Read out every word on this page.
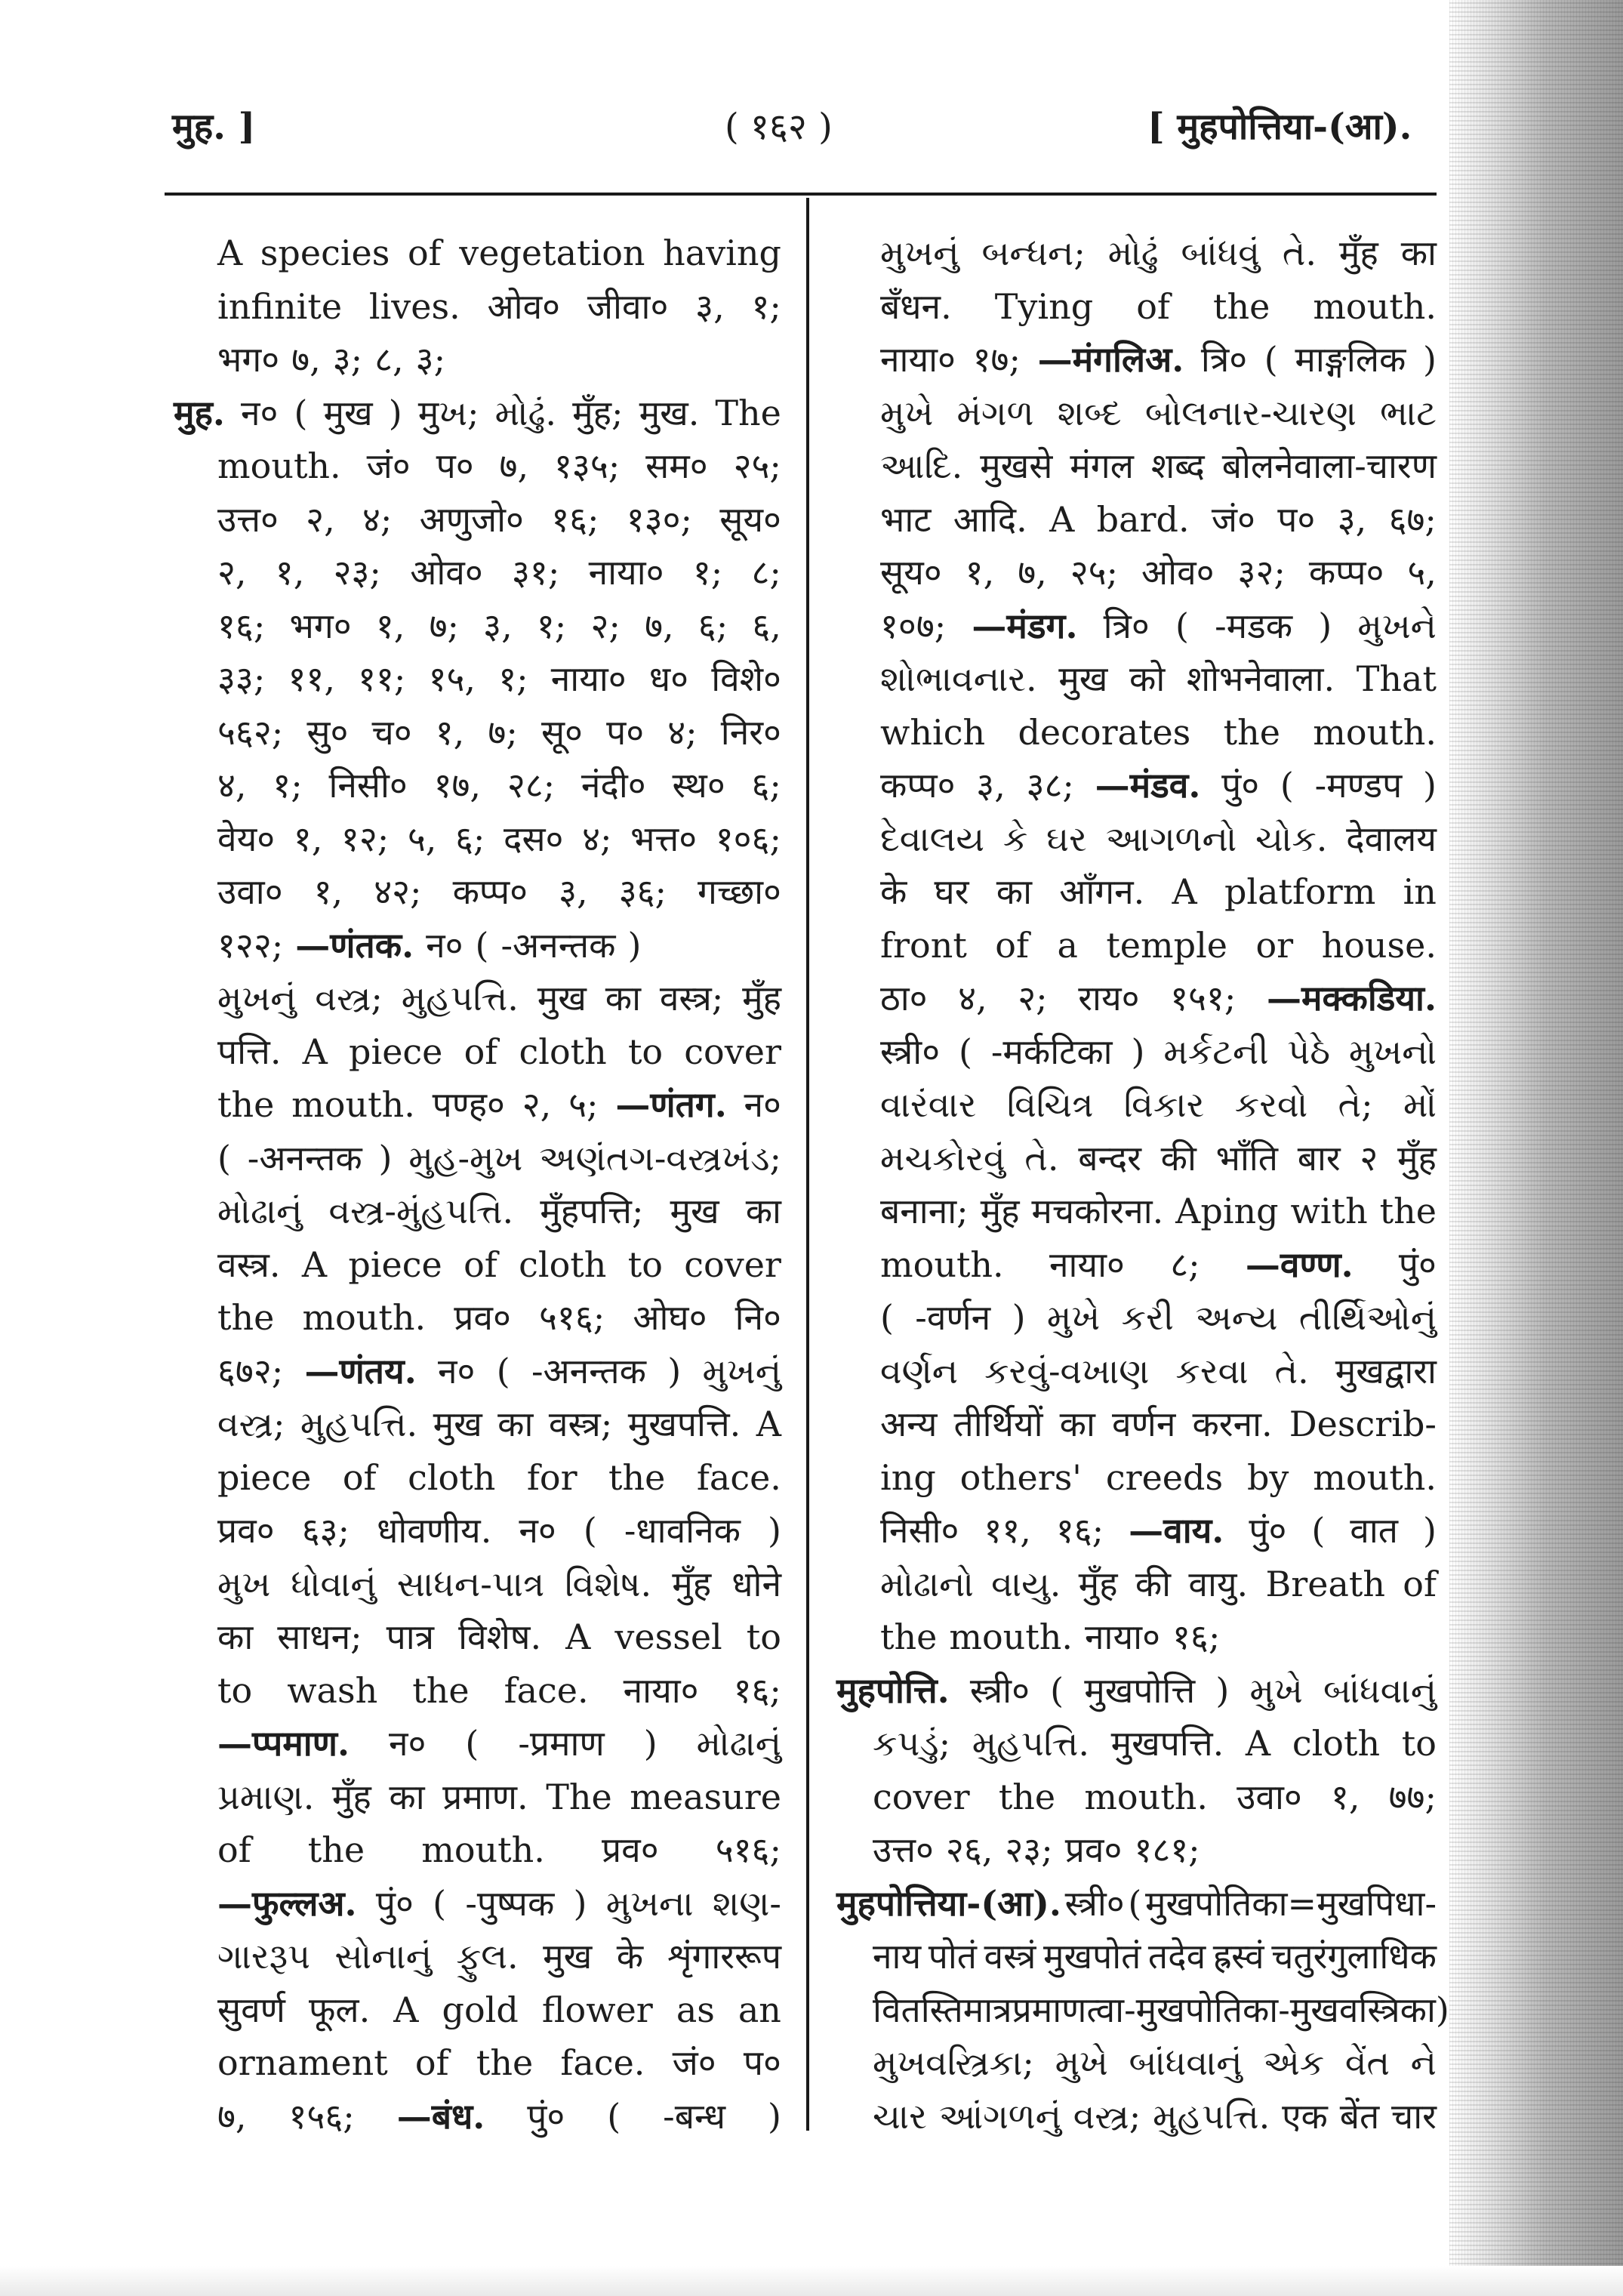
मुह. ]	( १६२ )	[ मुहपोत्तिया-(आ).
A species of vegetation having
infinite lives. ओव० जीवा० ३, १;
भग० ७, ३; ८, ३;
मुह. न० ( मुख ) मुખ; મોઢું. मुँह; मुख. The
mouth. जं० प० ७, १३५; सम० २५;
उत्त० २, ४; अणुजो० १६; १३०; सूय०
२, १, २३; ओव० ३१; नाया० १; ८;
१६; भग० १, ७; ३, १; २; ७, ६; ६,
३३; ११, ११; १५, १; नाया० ध० विशे०
५६२; सु० च० १, ७; सू० प० ४; निर०
४, १; निसी० १७, २८; नंदी० स्थ० ६;
वेय० १, १२; ५, ६; दस० ४; भत्त० १०६;
उवा० १, ४२; कप्प० ३, ३६; गच्छा०
१२२; —णंतक. न० ( -अनन्तक )
મુખનું વસ્ત્ર; મુહપત્તિ. मुख का वस्त्र; मुँह
पत्ति. A piece of cloth to cover
the mouth. पण्ह० २, ५; —णंतग. न०
( -अनन्तक ) મુહ-મુખ અણંતગ-વસ્ત્રખંડ;
મોઢાનું વસ્ત્ર-મુંહપત્તિ. मुँहपत्ति; मुख का
वस्त्र. A piece of cloth to cover
the mouth. प्रव० ५१६; ओघ० नि०
६७२; —णंतय. न० ( -अनन्तक ) મુખનું
વસ્ત્ર; મુહપત્તિ. मुख का वस्त्र; मुखपत्ति. A
piece of cloth for the face.
प्रव० ६३; धोवणीय. न० ( -धावनिक )
મુખ ધોવાનું સાધન-પાત્ર વિશેષ. मुँह धोने
का साधन; पात्र विशेष. A vessel to
to wash the face. नाया० १६;
—प्पमाण. न० ( -प्रमाण ) મોઢાનું
પ્રમાણ. मुँह का प्रमाण. The measure
of the mouth. प्रव० ५१६;
—फुल्लअ. पुं० ( -पुष्पक ) મુખના શણ-
ગારરૂપ સોનાનું ફુલ. मुख के शृंगाररूप
सुवर्ण फूल. A gold flower as an
ornament of the face. जं० प०
७, १५६; —बंध. पुं० ( -बन्ध )
મુખનું બન્ધન; મોઢું બાંધવું તે. मुँह का
बँधन. Tying of the mouth.
नाया० १७; —मंगलिअ. त्रि० ( माङ्गलिक )
મુખે મંગળ શબ્દ બોલનાર-ચારણ ભાટ
આદિ. मुखसे मंगल शब्द बोलनेवाला-चारण
भाट आदि. A bard. जं० प० ३, ६७;
सूय० १, ७, २५; ओव० ३२; कप्प० ५,
१०७; —मंडग. त्रि० ( -मडक ) મુખને
શોભાવનાર. मुख को शोभनेवाला. That
which decorates the mouth.
कप्प० ३, ३८; —मंडव. पुं० ( -मण्डप )
દેવાલય કે ઘર આગળનો ચોક. देवालय
के घर का आँगन. A platform in
front of a temple or house.
ठा० ४, २; राय० १५१; —मक्कडिया.
स्त्री० ( -मर्कटिका ) મર્કટની પેઠે મુખનો
વારંવાર વિચિત્ર વિકાર કરવો તે; મોં
મચકોરવું તે. बन्दर की भाँति बार २ मुँह
बनाना; मुँह मचकोरना. Aping with the
mouth. नाया० ८; —वण्ण. पुं०
( -वर्णन ) મુખે કરી અન્ય તીર્થિઓનું
વર્ણન કરવું-વખાણ કરવા તે. मुखद्वारा
अन्य तीर्थियों का वर्णन करना. Describ-
ing others' creeds by mouth.
निसी० ११, १६; —वाय. पुं० ( वात )
મોઢાનો વાયુ. मुँह की वायु. Breath of
the mouth. नाया० १६;
मुहपोत्ति. स्त्री० ( मुखपोत्ति ) મુખે બાંધવાનું
કપડું; મુહપત્તિ. मुखपत्ति. A cloth to
cover the mouth. उवा० १, ७७;
उत्त० २६, २३; प्रव० १८१;
मुहपोत्तिया-(आ). स्त्री० ( मुखपोतिका=मुखपिधा-
नाय पोतं वस्त्रं मुखपोतं तदेव ह्रस्वं चतुरंगुलाधिक
वितस्तिमात्र प्रमाणत्वा-मुखपोतिका-मुखवस्त्रिका)
મુખવસ્ત્રિકા; મુખે બાંધવાનું એક વેંત ને
ચાર આંગળનું વસ્ત્ર; મુહપત્તિ. एक बेंत चार
